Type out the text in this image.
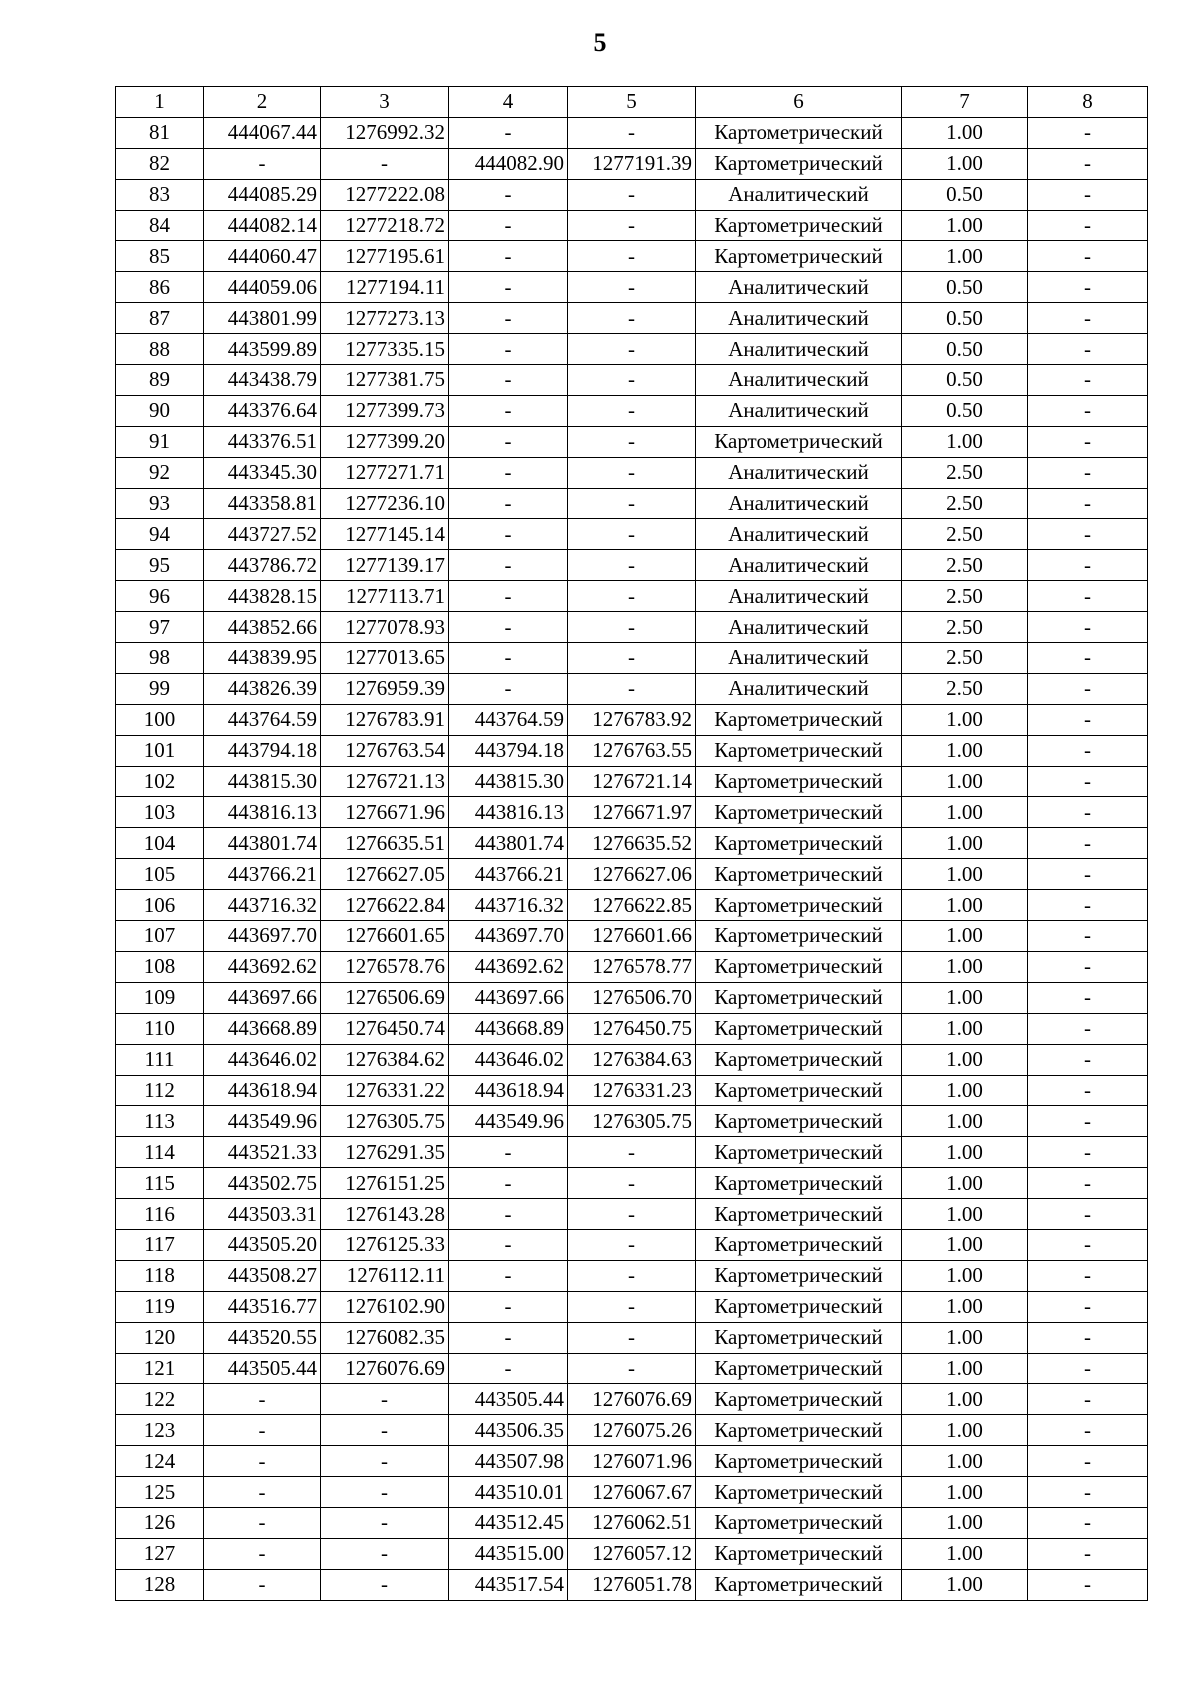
5
1	2	3	4	5	6	7	8
81	444067.44	1276992.32	-	-	Картометрический	1.00	-
82	-	-	444082.90	1277191.39	Картометрический	1.00	-
83	444085.29	1277222.08	-	-	Аналитический	0.50	-
84	444082.14	1277218.72	-	-	Картометрический	1.00	-
85	444060.47	1277195.61	-	-	Картометрический	1.00	-
86	444059.06	1277194.11	-	-	Аналитический	0.50	-
87	443801.99	1277273.13	-	-	Аналитический	0.50	-
88	443599.89	1277335.15	-	-	Аналитический	0.50	-
89	443438.79	1277381.75	-	-	Аналитический	0.50	-
90	443376.64	1277399.73	-	-	Аналитический	0.50	-
91	443376.51	1277399.20	-	-	Картометрический	1.00	-
92	443345.30	1277271.71	-	-	Аналитический	2.50	-
93	443358.81	1277236.10	-	-	Аналитический	2.50	-
94	443727.52	1277145.14	-	-	Аналитический	2.50	-
95	443786.72	1277139.17	-	-	Аналитический	2.50	-
96	443828.15	1277113.71	-	-	Аналитический	2.50	-
97	443852.66	1277078.93	-	-	Аналитический	2.50	-
98	443839.95	1277013.65	-	-	Аналитический	2.50	-
99	443826.39	1276959.39	-	-	Аналитический	2.50	-
100	443764.59	1276783.91	443764.59	1276783.92	Картометрический	1.00	-
101	443794.18	1276763.54	443794.18	1276763.55	Картометрический	1.00	-
102	443815.30	1276721.13	443815.30	1276721.14	Картометрический	1.00	-
103	443816.13	1276671.96	443816.13	1276671.97	Картометрический	1.00	-
104	443801.74	1276635.51	443801.74	1276635.52	Картометрический	1.00	-
105	443766.21	1276627.05	443766.21	1276627.06	Картометрический	1.00	-
106	443716.32	1276622.84	443716.32	1276622.85	Картометрический	1.00	-
107	443697.70	1276601.65	443697.70	1276601.66	Картометрический	1.00	-
108	443692.62	1276578.76	443692.62	1276578.77	Картометрический	1.00	-
109	443697.66	1276506.69	443697.66	1276506.70	Картометрический	1.00	-
110	443668.89	1276450.74	443668.89	1276450.75	Картометрический	1.00	-
111	443646.02	1276384.62	443646.02	1276384.63	Картометрический	1.00	-
112	443618.94	1276331.22	443618.94	1276331.23	Картометрический	1.00	-
113	443549.96	1276305.75	443549.96	1276305.75	Картометрический	1.00	-
114	443521.33	1276291.35	-	-	Картометрический	1.00	-
115	443502.75	1276151.25	-	-	Картометрический	1.00	-
116	443503.31	1276143.28	-	-	Картометрический	1.00	-
117	443505.20	1276125.33	-	-	Картометрический	1.00	-
118	443508.27	1276112.11	-	-	Картометрический	1.00	-
119	443516.77	1276102.90	-	-	Картометрический	1.00	-
120	443520.55	1276082.35	-	-	Картометрический	1.00	-
121	443505.44	1276076.69	-	-	Картометрический	1.00	-
122	-	-	443505.44	1276076.69	Картометрический	1.00	-
123	-	-	443506.35	1276075.26	Картометрический	1.00	-
124	-	-	443507.98	1276071.96	Картометрический	1.00	-
125	-	-	443510.01	1276067.67	Картометрический	1.00	-
126	-	-	443512.45	1276062.51	Картометрический	1.00	-
127	-	-	443515.00	1276057.12	Картометрический	1.00	-
128	-	-	443517.54	1276051.78	Картометрический	1.00	-
